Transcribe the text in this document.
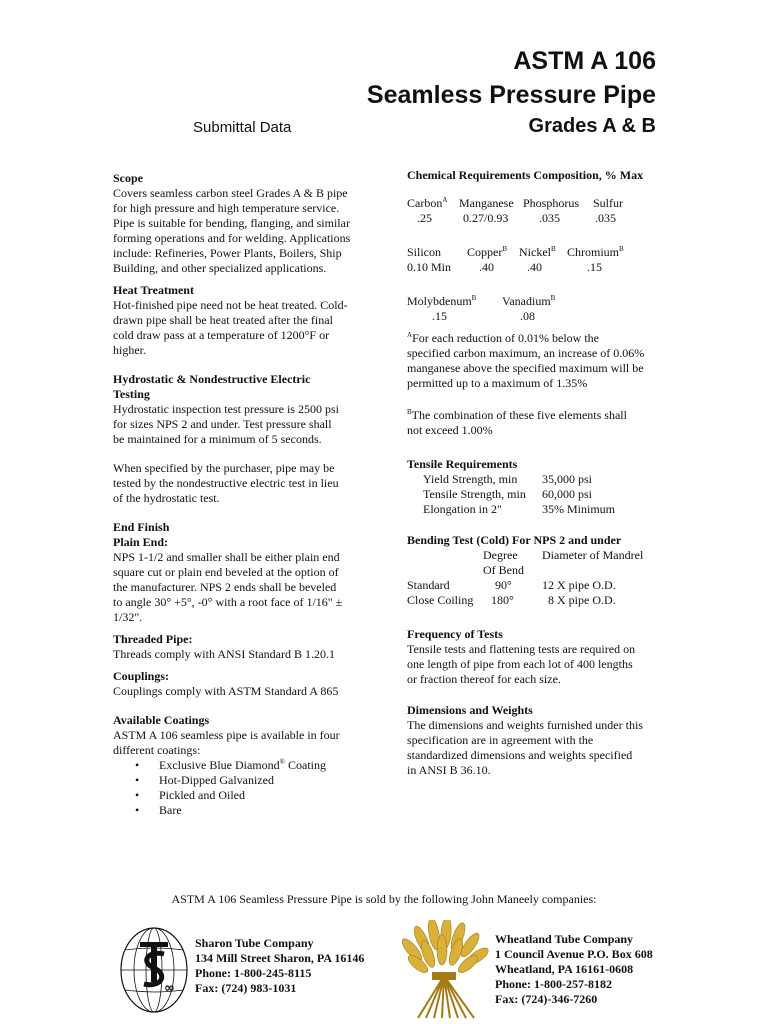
ASTM A 106
Seamless Pressure Pipe
Submittal Data	Grades A & B
Scope

Covers seamless carbon steel Grades A & B pipe

for high pressure and high temperature service.

Pipe is suitable for bending, flanging, and similar

forming operations and for welding. Applications

include: Refineries, Power Plants, Boilers, Ship

Building, and other specialized applications.

Heat Treatment

Hot-finished pipe need not be heat treated. Cold-

drawn pipe shall be heat treated after the final

cold draw pass at a temperature of 1200°F or

higher.

Hydrostatic & Nondestructive Electric
Testing

Hydrostatic inspection test pressure is 2500 psi

for sizes NPS 2 and under. Test pressure shall

be maintained for a minimum of 5 seconds.

When specified by the purchaser, pipe may be

tested by the nondestructive electric test in lieu

of the hydrostatic test.

End Finish
Plain End:

NPS 1-1/2 and smaller shall be either plain end

square cut or plain end beveled at the option of

the manufacturer. NPS 2 ends shall be beveled

to angle 30° +5°, -0° with a root face of 1/16" ±

1/32".

Threaded Pipe:

Threads comply with ANSI Standard B 1.20.1

Couplings:

Couplings comply with ASTM Standard A 865

Available Coatings

ASTM A 106 seamless pipe is available in four

different coatings:

• Exclusive Blue Diamond® Coating
• Hot-Dipped Galvanized
• Pickled and Oiled
• Bare
Chemical Requirements Composition, % Max
Carbon$^A$ Manganese Phosphorus Sulfur
.25	0.27/0.93	.035	.035
Silicon Copper$^B$ Nickel$^B$ Chromium$^B$
0.10 Min .40	.40	.15
Molybdenum$^B$ Vanadium$^B$
.15	.08

$^A$For each reduction of 0.01% below the

specified carbon maximum, an increase of 0.06%

manganese above the specified maximum will be

permitted up to a maximum of 1.35%

$^B$The combination of these five elements shall

not exceed 1.00%

Tensile Requirements
Yield Strength, min 35,000 psi
Tensile Strength, min 60,000 psi
Elongation in 2"	35% Minimum
Bending Test (Cold) For NPS 2 and under
Degree Diameter of Mandrel
Of Bend
Standard	90°	12 X pipe O.D.
Close Coiling 180°	8 X pipe O.D.
Frequency of Tests

Tensile tests and flattening tests are required on

one length of pipe from each lot of 400 lengths

or fraction thereof for each size.

Dimensions and Weights

The dimensions and weights furnished under this

specification are in agreement with the

standardized dimensions and weights specified

in ANSI B 36.10.

ASTM A 106 Seamless Pressure Pipe is sold by the following John Maneely companies:
∞
Sharon Tube Company
134 Mill Street Sharon, PA 16146
Phone: 1-800-245-8115
Fax: (724) 983-1031
Wheatland Tube Company
1 Council Avenue P.O. Box 608
Wheatland, PA 16161-0608
Phone: 1-800-257-8182
Fax: (724)-346-7260
